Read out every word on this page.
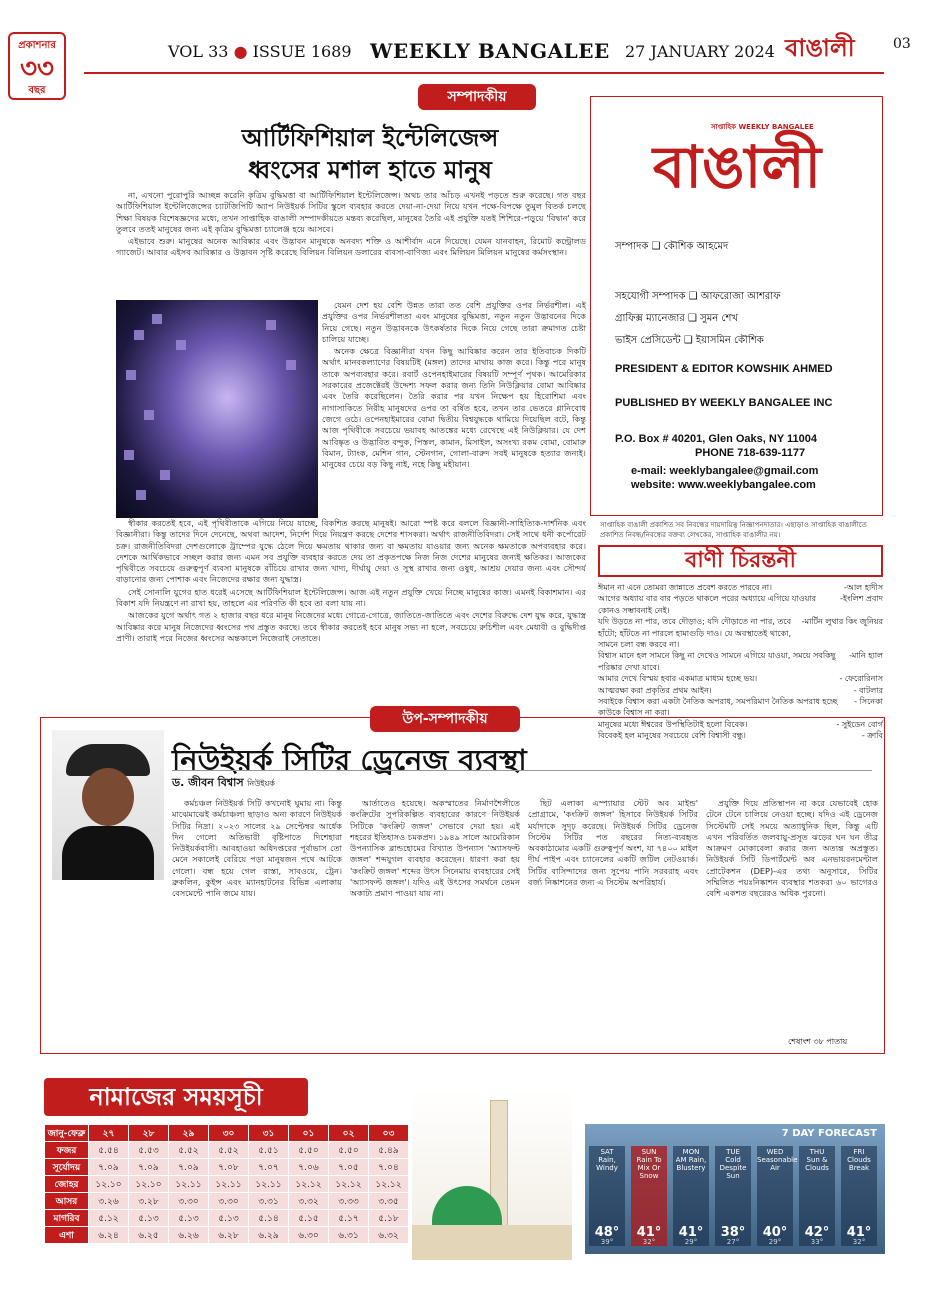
প্রকাশনার
৩৩
বছর
VOL 33 ● ISSUE 1689 WEEKLY BANGALEE 27 JANUARY 2024 বাঙালী	03
সম্পাদকীয়
আর্টিফিশিয়াল ইন্টেলিজেন্স
ধ্বংসের মশাল হাতে মানুষ

না, এখনো পুরোপুরি আচ্ছন্ন করেনি কৃত্রিম বুদ্ধিমত্তা বা আর্টিফিশিয়াল ইন্টেলিজেন্স। অথচ তার আঁচড় এখনই পড়তে শুরু করেছে। গত বছর আর্টিফিশিয়াল ইন্টেলিজেন্সের চ্যাটজিপিটি অ্যাপ নিউইয়র্ক সিটির স্কুলে ব্যবহার করতে দেয়া-না-দেয়া নিয়ে যখন পক্ষে-বিপক্ষে তুমুল বিতর্ক চলছে শিক্ষা বিষয়ক বিশেষজ্ঞদের মধ্যে, তখন সাপ্তাহিক বাঙালী সম্পাদকীয়তে মন্তব্য করেছিল, মানুষের তৈরি এই প্রযুক্তি যতই শিশিরে-পড়ুয়ে 'বিদ্বান' করে তুলবে ততই মানুষের জন্য এই কৃত্রিম বুদ্ধিমত্তা চ্যালেঞ্জ হয়ে আসবে।

এইভাবে শুরু। মানুষের অনেক আবিষ্কার এবং উদ্ভাবন মানুষকে অনবদ্য শক্তি ও আশীর্বাদ এনে দিয়েছে। যেমন যানবাহন, রিমোট কন্ট্রোলড গ্যাজেট। আবার এইসব আবিষ্কার ও উদ্ভাবন সৃষ্টি করেছে বিলিয়ন বিলিয়ন ডলারের ব্যবসা-বাণিজ্য এবং মিলিয়ন মিলিয়ন মানুষের কর্মসংস্থান।

যেমন দেশ হয় বেশি উন্নত তারা তত বেশি প্রযুক্তির ওপর নির্ভরশীল। এই প্রযুক্তির ওপর নির্ভরশীলতা এবং মানুষের বুদ্ধিমত্তা, নতুন নতুন উদ্ভাবনের দিকে নিয়ে গেছে। নতুন উদ্ভাবনকে উৎকর্ষতার দিকে নিয়ে গেছে তারা ক্রমাগত চেষ্টা চালিয়ে যাচ্ছে।

অনেক ক্ষেত্রে বিজ্ঞানীরা যখন কিছু আবিষ্কার করেন তার ইতিবাচক দিকটি অর্থাৎ মানবকল্যাণের বিষয়টিই (মঙ্গল) তাদের মাথায় কাজ করে। কিন্তু পরে মানুষ তাকে অপব্যবহার করে। রবার্ট ওপেনহাইমারের বিষয়টি সম্পূর্ণ পৃথক। আমেরিকার সরকারের প্রজেক্টেরই উদ্দেশ্য সফল করার জন্য তিনি নিউক্লিয়ার বোমা আবিষ্কার এবং তৈরি করেছিলেন। তৈরি করার পর যখন নিক্ষেপ হয় হিরোশিমা এবং নাগাসাকিতে নিরীহ মানুষদের ওপর তা বর্ষিত হবে, তখন তার ভেতরে গ্লানিবোধ জেগে ওঠে। ওপেনহাইমারের বোমা দ্বিতীয় বিশ্বযুদ্ধকে থামিয়ে দিয়েছিল বটে, কিন্তু আজ পৃথিবীকে সবচেয়ে ভয়াবহ আতঙ্কের মধ্যে রেখেছে এই নিউক্লিয়ার। যে দেশ আবিষ্কৃত ও উদ্ভাবিত বন্দুক, পিস্তল, কামান, মিসাইল, অসংখ্য রকম বোমা, বোমারু বিমান, ট্যাংক, মেশিন গান, স্টেনগান, গোলা-বারুদ সবই মানুষকে হত্যার জন্যই। মানুষের চেয়ে বড় কিছু নাই, নহে কিছু মহীয়ান।

স্বীকার করতেই হবে, এই পৃথিবীতাকে এগিয়ে নিয়ে যাচ্ছে, বিকশিত করছে মানুষই। আরো স্পষ্ট করে বললে বিজ্ঞানী-সাহিত্যিক-দার্শনিক এবং বিজ্ঞানীরা। কিন্তু তাদের দিনে দেনেছে, অথবা আদেশ, নির্দেশ দিয়ে নিয়ন্ত্রণ করছে দেশের শাসকরা। অর্থাৎ রাজনীতিবিদরা। সেই সাথে ধনী কর্পোরেট চক্র। রাজনীতিবিদরা দেশগুলোকে ট্রাম্পের যুদ্ধে ঠেলে দিয়ে ক্ষমতায় থাকার জন্য বা ক্ষমতায় যাওয়ার জন্য অনেক ক্ষমতাকে অপব্যবহার করে। দেশকে আর্থিকভাবে সচ্ছল করার জন্য এমন সব প্রযুক্তি ব্যবহার করতে দেয় তা প্রকৃতপক্ষে নিজ নিজ দেশের মানুষের জন্যই ক্ষতিকর। আজকের পৃথিবীতে সবচেয়ে গুরুত্বপূর্ণ ব্যবসা মানুষকে বাঁচিয়ে রাখার জন্য খাদ্য, দীর্ঘায়ু দেয়া ও সুস্থ রাখার জন্য ওষুধ, আশ্রয় দেয়ার জন্য এবং সৌন্দর্য বাড়ানোর জন্য পোশাক এবং নিজেদের রক্ষার জন্য যুদ্ধাস্ত্র।

সেই সোনালি যুগের হাত ধরেই এসেছে আর্টিফিশিয়াল ইন্টেলিজেন্স। আজ এই নতুন প্রযুক্তি খেয়ে নিচ্ছে মানুষের কাজ। এমনই বিকাশমান। এর বিকাশ যদি নিয়ন্ত্রণে না রাখা হয়, তাহলে এর পরিণতি কী হবে তা বলা যায় না।

আজকের যুগে অর্থাৎ গত ২ হাজার বছর ধরে মানুষ নিজেদের মধ্যে গোত্রে-গোত্রে, জাতিতে-জাতিতে এবং দেশের বিরুদ্ধে দেশ যুদ্ধ করে, যুদ্ধাস্ত্র আবিষ্কার করে মানুষ নিজেদের ধ্বংসের পথ প্রস্তুত করছে। তবে স্বীকার করতেই হবে মানুষ সভ্য না হলে, সবচেয়ে রুচিশীল এবং মেধাবী ও বুদ্ধিদীপ্ত প্রাণী। তারাই পরে নিজের ধ্বংসের অন্তকালে নিজেরাই নেতাতে।

সাপ্তাহিক WEEKLY BANGALEE
বাঙালী
সম্পাদক ❑ কৌশিক আহমেদ
সহযোগী সম্পাদক ❑ আফরোজা আশরাফ
গ্রাফিক্স ম্যানেজার ❑ সুমন শেখ
ভাইস প্রেসিডেন্ট ❑ ইয়াসমিন কৌশিক
PRESIDENT & EDITOR KOWSHIK AHMED
PUBLISHED BY WEEKLY BANGALEE INC
P.O. Box # 40201, Glen Oaks, NY 11004
PHONE 718-639-1177
e-mail: weeklybangalee@gmail.com
website: www.weeklybangalee.com
সাপ্তাহিক বাঙালী প্রকাশিত সব নিবন্ধের দায়দায়িত্ব নিজ্ঞাপনদাতার। এছাড়াও সাপ্তাহিক বাঙালীতে প্রকাশিত নিবন্ধ/নিবন্ধের বক্তব্য লেখকের, সাপ্তাহিক বাঙালীর নয়।
বাণী চিরন্তনী
ঈমান না এনে তোমরা জান্নাতে প্রবেশ করতে পারবে না।	-আল হাদীস
আগের অধ্যায় বার বার পড়তে থাকলে পরের অধ্যায়ে এগিয়ে যাওয়ার কোনও সম্ভাবনাই নেই।
-ইংলিশ প্রবাদ
যদি উড়তে না পার, তবে দৌড়াও; যদি দৌড়াতে না পার, তবে হাঁটো; হাঁটতে না পারলে হামাগুড়ি দাও। যে অবস্থাতেই থাকো, সামনে চলা বন্ধ করবে না।
-মার্টিন লুথার কিং জুনিয়র
বিশ্বাস মানে হল সামনে কিছু না দেখেও সামনে এগিয়ে যাওয়া, সময়ে সবকিছু পরিষ্কার দেখা যাবে।
-মানি হ্যাল
আমার দেখে বিস্ময় হবার একমাত্র মাধ্যম হচ্ছে ভয়।	- ফেরোরিনাস
আত্মরক্ষা করা প্রকৃতির প্রথম আইন।	- বাটলার
সবাইকে বিশ্বাস করা একটা নৈতিক অপরাধ, সমপরিমাণ নৈতিক অপরাধ হচ্ছে কাউকে বিশ্বাস না করা।
- সিনেকা
মানুষের মধ্যে ঈশ্বরের উপস্থিতিটাই হলো বিবেক।	- সুইডেন বোর্গ
বিবেকই হল মানুষের সবচেয়ে বেশি বিশ্বাসী বন্ধু।	- ক্রাবি
উপ-সম্পাদকীয়
নিউইয়র্ক সিটির ড্রেনেজ ব্যবস্থা
ড. জীবন বিশ্বাস নিউইয়র্ক

কর্মচঞ্চল নিউইয়র্ক সিটি কখনোই ঘুমায় না। কিন্তু মাঝেমাঝেই কর্মচাঞ্চল্য ছাড়াও অন্য কারণে নিউইয়র্ক সিটির নিদ্রা। ২০২৩ সালের ২৯ সেপ্টেম্বর আর্ধেক দিন গেলো অতিভারী বৃষ্টিপাতে দিশেহারা নিউইয়র্কবাসী। আবহাওয়া অধিদপ্তরের পূর্বাভাস তো মেনে সকালেই বেরিয়ে পড়া মানুষজন পথে আটকে গেলো। বন্ধ হয়ে গেল রাস্তা, সাবওয়ে, ট্রেন। ব্রুকলিন, কুইন্স এবং ম্যানহাটনের বিভিন্ন এলাকায় বেসমেন্টে পানি জমে যায়।

আর্তাতেও হয়েছে। অকস্মাতের নির্মাণশৈলীতে কংক্রিটের সুপরিকল্পিত ব্যবহারের কারণে নিউইয়র্ক সিটিকে 'কংক্রিট জঙ্গল' সেভাবে দেয়া হয়। এই শহরের ইতিহাসও চমকপ্রদ। ১৯৪৯ সালে আমেরিকান উপন্যাসিক ব্লান্ডহোমের বিখ্যাত উপন্যাস 'অ্যাসফল্ট জঙ্গল' শব্দযুগল ব্যবহার করেছেন। ধারণা করা হয় 'কংক্রিট জঙ্গল' শব্দের উৎস সিনেমায় ব্যবহারের সেই 'অ্যাসফল্ট জঙ্গল'। যদিও এই উৎসের সমর্থনে তেমন অকাট্য প্রমাণ পাওয়া যায় না।

ছিট এলাকা এস্প্যায়ার স্টেট অব মাইন্ড' প্রোগ্রামে, 'কংক্রিট জঙ্গল' হিসাবে নিউইয়র্ক সিটির মর্যাদাকে সুদৃঢ় করেছে। নিউইয়র্ক সিটির ড্রেনেজ সিস্টেম সিটির পত বছরের নিত্য-ব্যবহৃত অবকাঠামোর একটি গুরুত্বপূর্ণ অংশ, যা ৭৪০০ মাইল দীর্ঘ পাইপ এবং চ্যানেলের একটি জটিল নেটওয়ার্ক। সিটির বাসিন্দাদের জন্য সুপেয় পানি সরবরাহ এবং বর্জ্য নিষ্কাশনের জন্য এ সিস্টেম অপরিহার্য।

প্রযুক্তি দিয়ে প্রতিস্থাপন না করে যেভাবেই হোক টেনে টেনে চালিয়ে নেওয়া হচ্ছে। যদিও এই ড্রেনেজ সিস্টেমটি সেই সময়ে অত্যাধুনিক ছিল, কিন্তু এটি এখন পরিবর্তিত জলবায়ু-প্রসূত ঝড়ের ঘন ঘন তীব্র আক্রমণ মোকাবেলা করার জন্য অত্যন্ত অপ্রস্তুত। নিউইয়র্ক সিটি ডিপার্টমেন্ট অব এনভায়রনমেন্টাল প্রোটেকশন (DEP)-এর তথ্য অনুসারে, সিটির সম্মিলিত পয়ঃনিষ্কাশন ব্যবস্থার শতকরা ৬০ ভাগেরও বেশি একশত বছরেরও অধিক পুরনো।

শেষাংশ ৩৮ পাতায়
নামাজের সময়সূচী
জানু-ফেব্রু	২৭	২৮	২৯	৩০	৩১	০১	০২	০৩
ফজর	৫.৫৪	৫.৫৩	৫.৫২	৫.৫২	৫.৫১	৫.৫০	৫.৫০	৫.৪৯
সূর্যোদয়	৭.০৯	৭.০৯	৭.০৯	৭.০৮	৭.০৭	৭.০৬	৭.০৫	৭.০৪
জোহর	১২.১০	১২.১০	১২.১১	১২.১১	১২.১১	১২.১২	১২.১২	১২.১২
আসর	৩.২৬	৩.২৮	৩.৩০	৩.৩০	৩.৩১	৩.৩২	৩.৩৩	৩.৩৫
মাগরিব	৫.১২	৫.১৩	৫.১৩	৫.১৩	৫.১৪	৫.১৫	৫.১৭	৫.১৮
এশা	৬.২৪	৬.২৫	৬.২৬	৬.২৮	৬.২৯	৬.৩০	৬.৩১	৬.৩২
7 DAY FORECAST
SAT
Rain, Windy
48°
39°
SUN
Rain To Mix Or Snow
41°
32°
MON
AM Rain, Blustery
41°
29°
TUE
Cold Despite Sun
38°
27°
WED
Seasonable Air
40°
29°
THU
Sun & Clouds
42°
33°
FRI
Clouds Break
41°
32°
